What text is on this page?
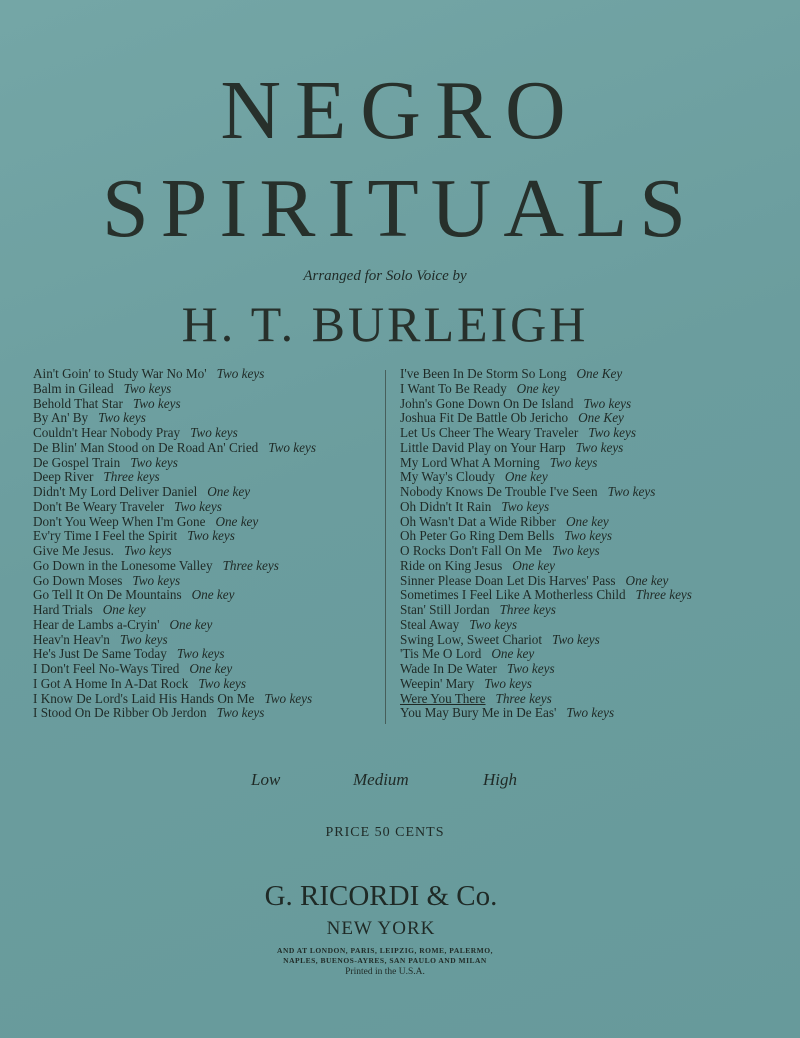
NEGRO
SPIRITUALS
Arranged for Solo Voice by
H. T. BURLEIGH
Ain't Goin' to Study War No Mo' Two keys
Balm in Gilead Two keys
Behold That Star Two keys
By An' By Two keys
Couldn't Hear Nobody Pray Two keys
De Blin' Man Stood on De Road An' Cried Two keys
De Gospel Train Two keys
Deep River Three keys
Didn't My Lord Deliver Daniel One key
Don't Be Weary Traveler Two keys
Don't You Weep When I'm Gone One key
Ev'ry Time I Feel the Spirit Two keys
Give Me Jesus. Two keys
Go Down in the Lonesome Valley Three keys
Go Down Moses Two keys
Go Tell It On De Mountains One key
Hard Trials One key
Hear de Lambs a-Cryin' One key
Heav'n Heav'n Two keys
He's Just De Same Today Two keys
I Don't Feel No-Ways Tired One key
I Got A Home In A-Dat Rock Two keys
I Know De Lord's Laid His Hands On Me Two keys
I Stood On De Ribber Ob Jerdon Two keys
I've Been In De Storm So Long One Key
I Want To Be Ready One key
John's Gone Down On De Island Two keys
Joshua Fit De Battle Ob Jericho One Key
Let Us Cheer The Weary Traveler Two keys
Little David Play on Your Harp Two keys
My Lord What A Morning Two keys
My Way's Cloudy One key
Nobody Knows De Trouble I've Seen Two keys
Oh Didn't It Rain Two keys
Oh Wasn't Dat a Wide Ribber One key
Oh Peter Go Ring Dem Bells Two keys
O Rocks Don't Fall On Me Two keys
Ride on King Jesus One key
Sinner Please Doan Let Dis Harves' Pass One key
Sometimes I Feel Like A Motherless Child Three keys
Stan' Still Jordan Three keys
Steal Away Two keys
Swing Low, Sweet Chariot Two keys
'Tis Me O Lord One key
Wade In De Water Two keys
Weepin' Mary Two keys
Were You There Three keys
You May Bury Me in De Eas' Two keys
Low	Medium	High
PRICE 50 CENTS
G. RICORDI & Co.
NEW YORK
AND AT LONDON, PARIS, LEIPZIG, ROME, PALERMO,
NAPLES, BUENOS-AYRES, SAN PAULO AND MILAN
Printed in the U.S.A.
